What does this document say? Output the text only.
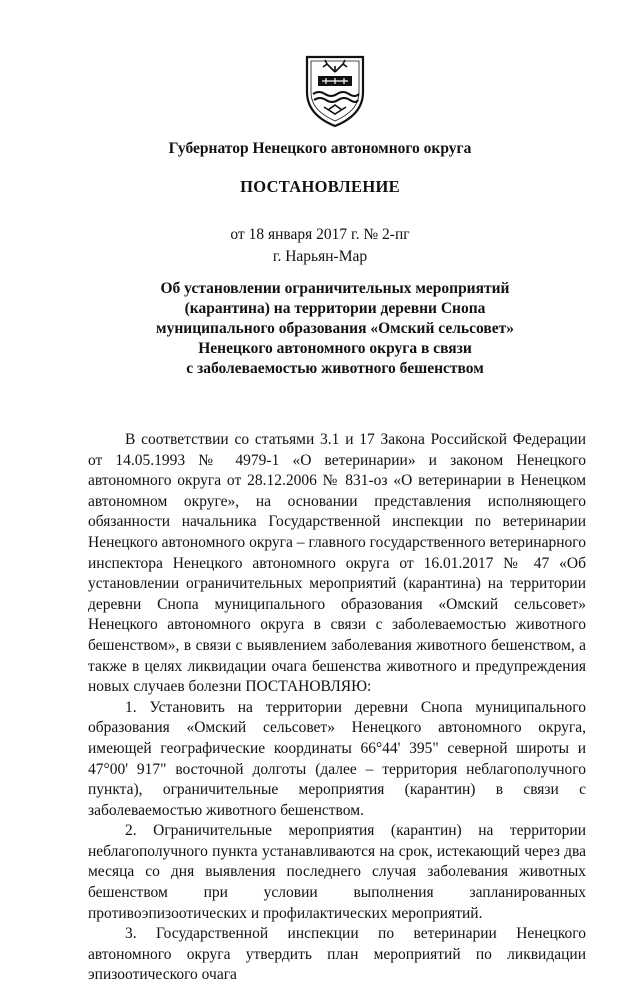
Губернатор Ненецкого автономного округа
ПОСТАНОВЛЕНИЕ
от 18 января 2017 г. № 2-пг
г. Нарьян-Мар
Об установлении ограничительных мероприятий
(карантина) на территории деревни Снопа
муниципального образования «Омский сельсовет»
Ненецкого автономного округа в связи
с заболеваемостью животного бешенством

В соответствии со статьями 3.1 и 17 Закона Российской Федерации от 14.05.1993 № 4979-1 «О ветеринарии» и законом Ненецкого автономного округа от 28.12.2006 № 831-оз «О ветеринарии в Ненецком автономном округе», на основании представления исполняющего обязанности начальника Государственной инспекции по ветеринарии Ненецкого автономного округа – главного государственного ветеринарного инспектора Ненецкого автономного округа от 16.01.2017 № 47 «Об установлении ограничительных мероприятий (карантина) на территории деревни Снопа муниципального образования «Омский сельсовет» Ненецкого автономного округа в связи с заболеваемостью животного бешенством», в связи с выявлением заболевания животного бешенством, а также в целях ликвидации очага бешенства животного и предупреждения новых случаев болезни ПОСТАНОВЛЯЮ:

1. Установить на территории деревни Снопа муниципального образования «Омский сельсовет» Ненецкого автономного округа, имеющей географические координаты 66°44' 395" северной широты и 47°00' 917" восточной долготы (далее – территория неблагополучного пункта), ограничительные мероприятия (карантин) в связи с заболеваемостью животного бешенством.

2. Ограничительные мероприятия (карантин) на территории неблагополучного пункта устанавливаются на срок, истекающий через два месяца со дня выявления последнего случая заболевания животных бешенством при условии выполнения запланированных противоэпизоотических и профилактических мероприятий.

3. Государственной инспекции по ветеринарии Ненецкого автономного округа утвердить план мероприятий по ликвидации эпизоотического очага
